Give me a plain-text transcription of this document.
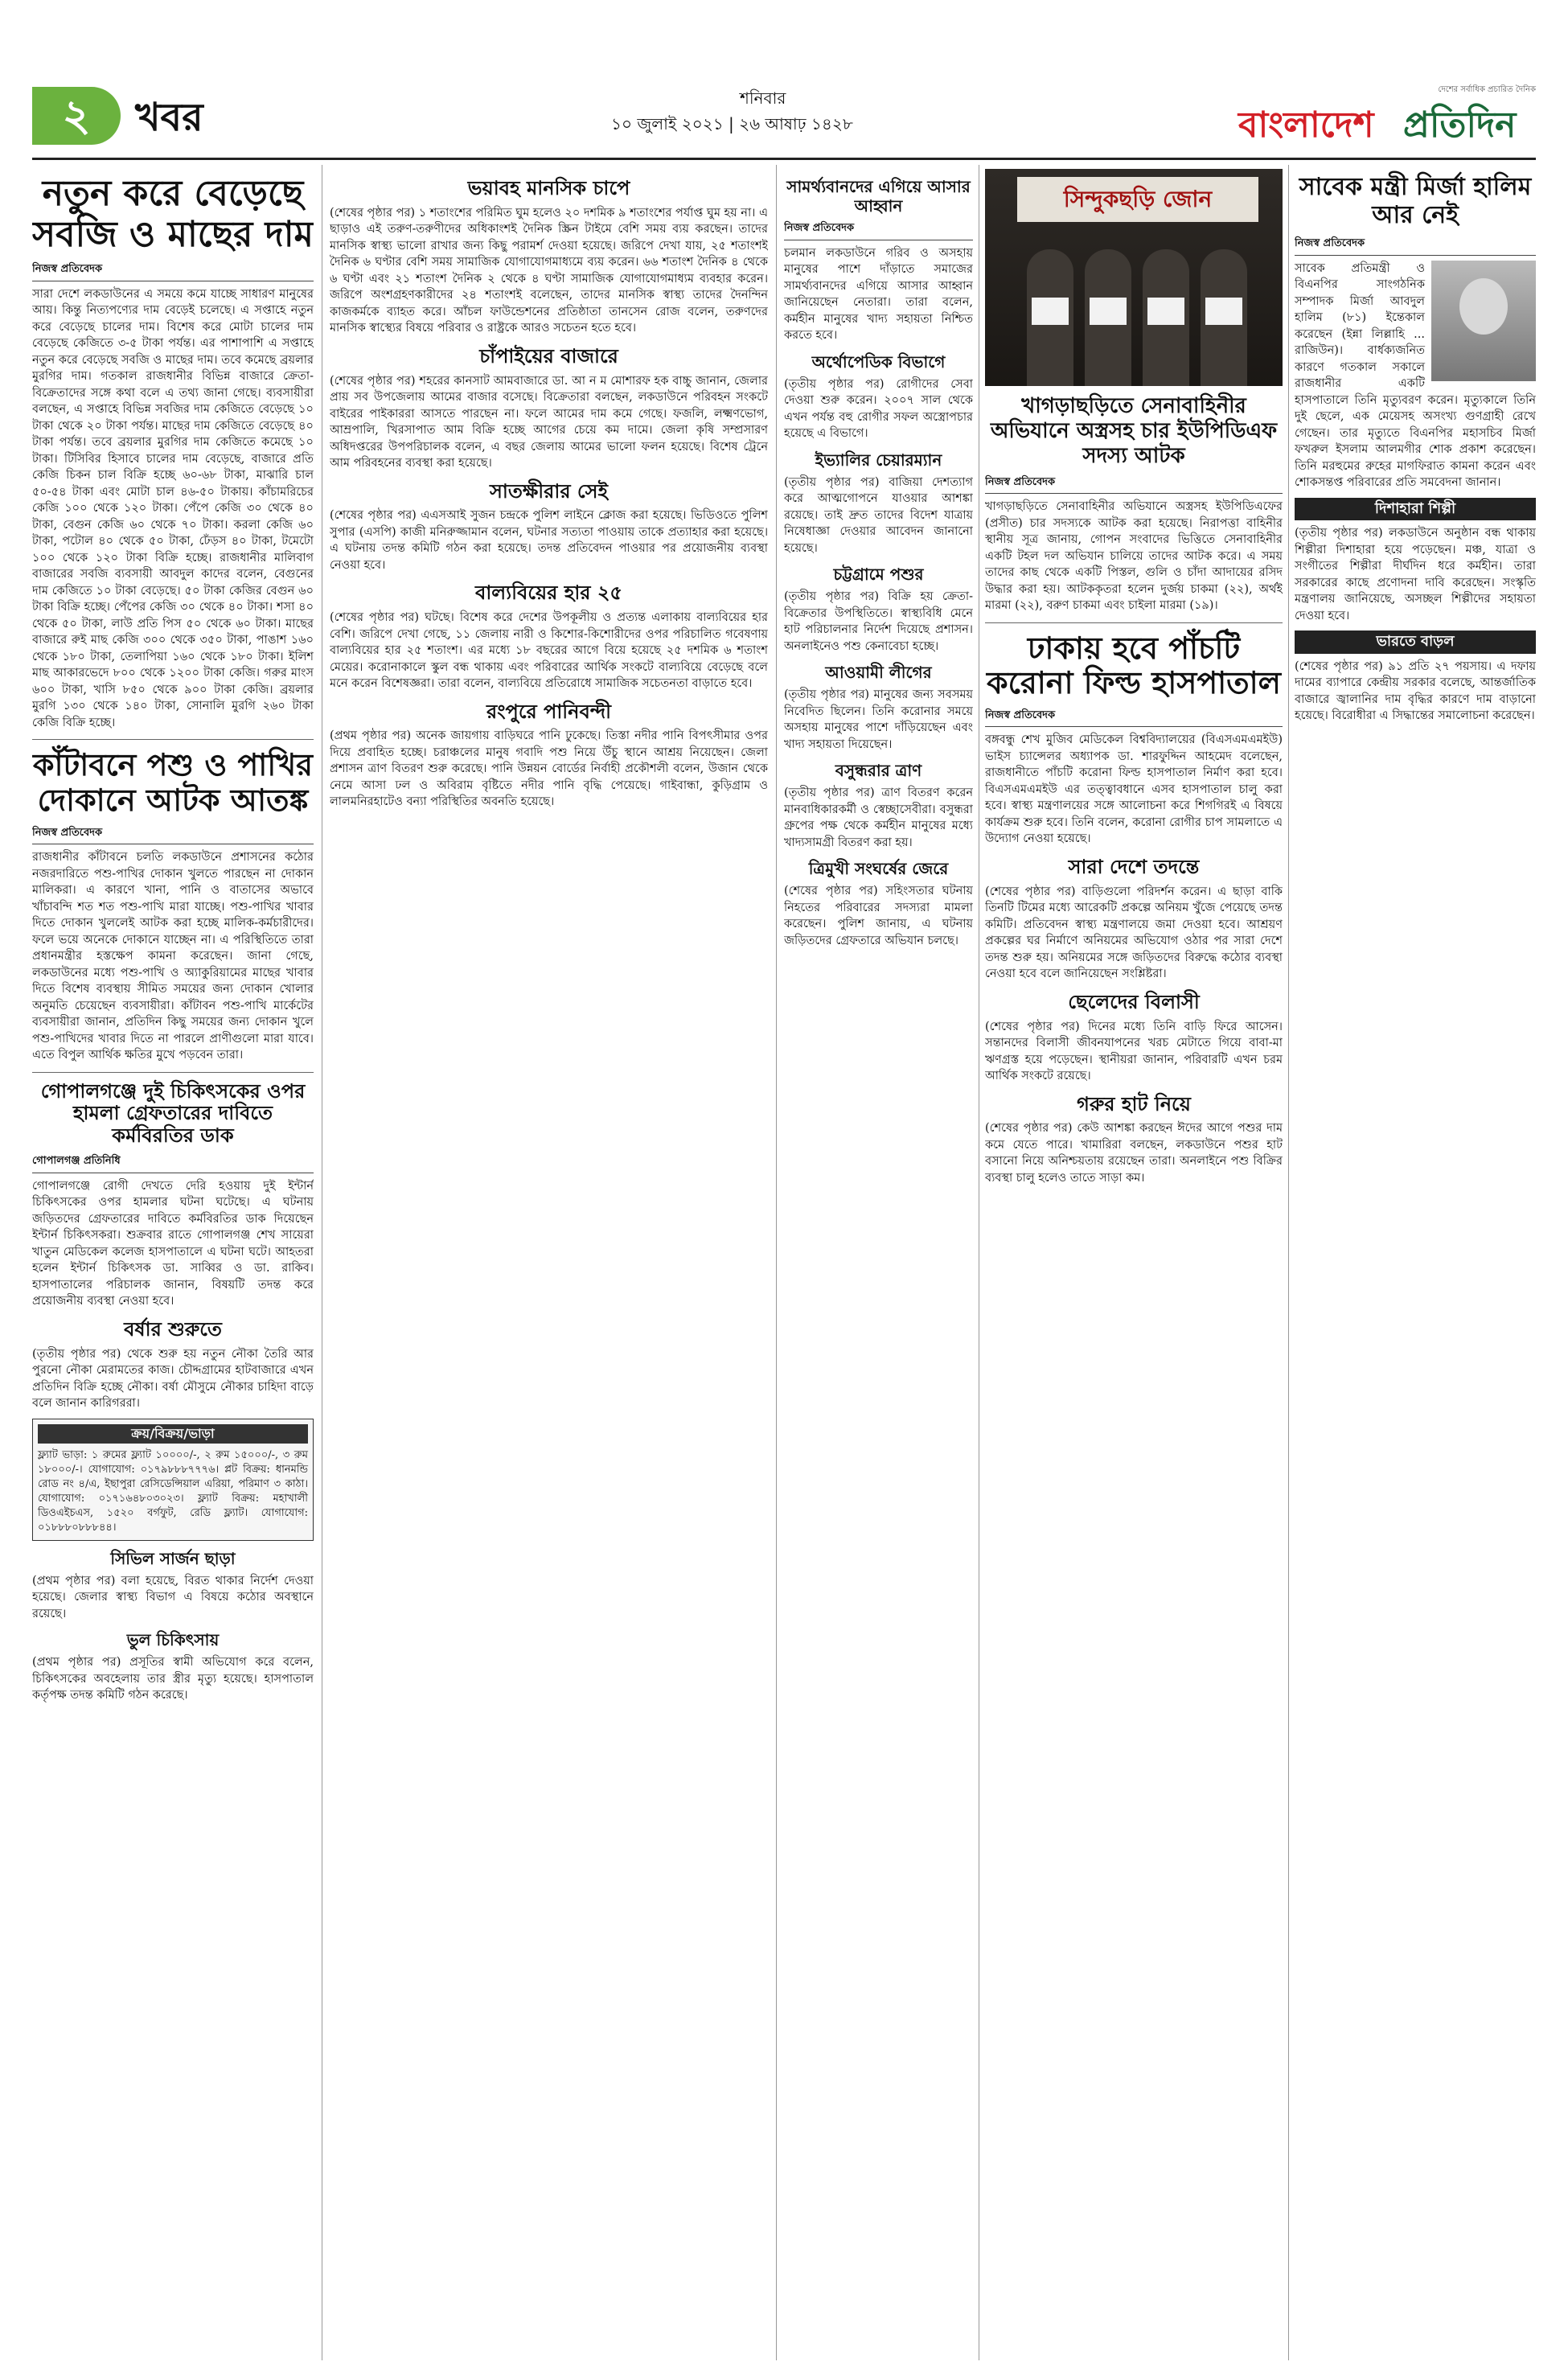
২	খবর	শনিবার
১০ জুলাই ২০২১ | ২৬ আষাঢ় ১৪২৮
দেশের সর্বাধিক প্রচারিত দৈনিক
বাংলাদেশ প্রতিদিন
নতুন করে বেড়েছে সবজি ও মাছের দাম
নিজস্ব প্রতিবেদক
সারা দেশে লকডাউনের এ সময়ে কমে যাচ্ছে সাধারণ মানুষের আয়। কিন্তু নিত্যপণ্যের দাম বেড়েই চলেছে। এ সপ্তাহে নতুন করে বেড়েছে চালের দাম। বিশেষ করে মোটা চালের দাম বেড়েছে কেজিতে ৩-৫ টাকা পর্যন্ত। এর পাশাপাশি এ সপ্তাহে নতুন করে বেড়েছে সবজি ও মাছের দাম। তবে কমেছে ব্রয়লার মুরগির দাম। গতকাল রাজধানীর বিভিন্ন বাজারে ক্রেতা-বিক্রেতাদের সঙ্গে কথা বলে এ তথ্য জানা গেছে। ব্যবসায়ীরা বলছেন, এ সপ্তাহে বিভিন্ন সবজির দাম কেজিতে বেড়েছে ১০ টাকা থেকে ২০ টাকা পর্যন্ত। মাছের দাম কেজিতে বেড়েছে ৪০ টাকা পর্যন্ত। তবে ব্রয়লার মুরগির দাম কেজিতে কমেছে ১০ টাকা। টিসিবির হিসাবে চালের দাম বেড়েছে, বাজারে প্রতি কেজি চিকন চাল বিক্রি হচ্ছে ৬০-৬৮ টাকা, মাঝারি চাল ৫০-৫৪ টাকা এবং মোটা চাল ৪৬-৫০ টাকায়। কাঁচামরিচের কেজি ১০০ থেকে ১২০ টাকা। পেঁপে কেজি ৩০ থেকে ৪০ টাকা, বেগুন কেজি ৬০ থেকে ৭০ টাকা। করলা কেজি ৬০ টাকা, পটোল ৪০ থেকে ৫০ টাকা, ঢেঁড়স ৪০ টাকা, টমেটো ১০০ থেকে ১২০ টাকা বিক্রি হচ্ছে। রাজধানীর মালিবাগ বাজারের সবজি ব্যবসায়ী আবদুল কাদের বলেন, বেগুনের দাম কেজিতে ১০ টাকা বেড়েছে। ৫০ টাকা কেজির বেগুন ৬০ টাকা বিক্রি হচ্ছে। পেঁপের কেজি ৩০ থেকে ৪০ টাকা। শসা ৪০ থেকে ৫০ টাকা, লাউ প্রতি পিস ৫০ থেকে ৬০ টাকা। মাছের বাজারে রুই মাছ কেজি ৩০০ থেকে ৩৫০ টাকা, পাঙাশ ১৬০ থেকে ১৮০ টাকা, তেলাপিয়া ১৬০ থেকে ১৮০ টাকা। ইলিশ মাছ আকারভেদে ৮০০ থেকে ১২০০ টাকা কেজি। গরুর মাংস ৬০০ টাকা, খাসি ৮৫০ থেকে ৯০০ টাকা কেজি। ব্রয়লার মুরগি ১৩০ থেকে ১৪০ টাকা, সোনালি মুরগি ২৬০ টাকা কেজি বিক্রি হচ্ছে।
কাঁটাবনে পশু ও পাখির দোকানে আটক আতঙ্ক
নিজস্ব প্রতিবেদক
রাজধানীর কাঁটাবনে চলতি লকডাউনে প্রশাসনের কঠোর নজরদারিতে পশু-পাখির দোকান খুলতে পারছেন না দোকান মালিকরা। এ কারণে খানা, পানি ও বাতাসের অভাবে খাঁচাবন্দি শত শত পশু-পাখি মারা যাচ্ছে। পশু-পাখির খাবার দিতে দোকান খুললেই আটক করা হচ্ছে মালিক-কর্মচারীদের। ফলে ভয়ে অনেকে দোকানে যাচ্ছেন না। এ পরিস্থিতিতে তারা প্রধানমন্ত্রীর হস্তক্ষেপ কামনা করেছেন। জানা গেছে, লকডাউনের মধ্যে পশু-পাখি ও অ্যাকুরিয়ামের মাছের খাবার দিতে বিশেষ ব্যবস্থায় সীমিত সময়ের জন্য দোকান খোলার অনুমতি চেয়েছেন ব্যবসায়ীরা। কাঁটাবন পশু-পাখি মার্কেটের ব্যবসায়ীরা জানান, প্রতিদিন কিছু সময়ের জন্য দোকান খুলে পশু-পাখিদের খাবার দিতে না পারলে প্রাণীগুলো মারা যাবে। এতে বিপুল আর্থিক ক্ষতির মুখে পড়বেন তারা।
গোপালগঞ্জে দুই চিকিৎসকের ওপর হামলা গ্রেফতারের দাবিতে কর্মবিরতির ডাক
গোপালগঞ্জ প্রতিনিধি
গোপালগঞ্জে রোগী দেখতে দেরি হওয়ায় দুই ইন্টার্ন চিকিৎসকের ওপর হামলার ঘটনা ঘটেছে। এ ঘটনায় জড়িতদের গ্রেফতারের দাবিতে কর্মবিরতির ডাক দিয়েছেন ইন্টার্ন চিকিৎসকরা। শুক্রবার রাতে গোপালগঞ্জ শেখ সায়েরা খাতুন মেডিকেল কলেজ হাসপাতালে এ ঘটনা ঘটে। আহতরা হলেন ইন্টার্ন চিকিৎসক ডা. সাব্বির ও ডা. রাকিব। হাসপাতালের পরিচালক জানান, বিষয়টি তদন্ত করে প্রয়োজনীয় ব্যবস্থা নেওয়া হবে।
বর্ষার শুরুতে
(তৃতীয় পৃষ্ঠার পর) থেকে শুরু হয় নতুন নৌকা তৈরি আর পুরনো নৌকা মেরামতের কাজ। চৌদ্দগ্রামের হাটবাজারে এখন প্রতিদিন বিক্রি হচ্ছে নৌকা। বর্ষা মৌসুমে নৌকার চাহিদা বাড়ে বলে জানান কারিগররা।
ক্রয়/বিক্রয়/ভাড়া
ফ্ল্যাট ভাড়া: ১ রুমের ফ্ল্যাট ১০০০০/-, ২ রুম ১৫০০০/-, ৩ রুম ১৮০০০/-। যোগাযোগ: ০১৭৯৮৮৮৭৭৭৬। প্লট বিক্রয়: ধানমন্ডি রোড নং ৪/এ, ইছাপুরা রেসিডেন্সিয়াল এরিয়া, পরিমাণ ৩ কাঠা। যোগাযোগ: ০১৭১৬৪৮০৩০২৩। ফ্ল্যাট বিক্রয়: মহাখালী ডিওএইচএস, ১৫২০ বর্গফুট, রেডি ফ্ল্যাট। যোগাযোগ: ০১৮৮৮০৮৮৮৪৪।
সিভিল সার্জন ছাড়া
(প্রথম পৃষ্ঠার পর) বলা হয়েছে, বিরত থাকার নির্দেশ দেওয়া হয়েছে। জেলার স্বাস্থ্য বিভাগ এ বিষয়ে কঠোর অবস্থানে রয়েছে।
ভুল চিকিৎসায়
(প্রথম পৃষ্ঠার পর) প্রসূতির স্বামী অভিযোগ করে বলেন, চিকিৎসকের অবহেলায় তার স্ত্রীর মৃত্যু হয়েছে। হাসপাতাল কর্তৃপক্ষ তদন্ত কমিটি গঠন করেছে।
ভয়াবহ মানসিক চাপে
(শেষের পৃষ্ঠার পর) ১ শতাংশের পরিমিত ঘুম হলেও ২০ দশমিক ৯ শতাংশের পর্যাপ্ত ঘুম হয় না। এ ছাড়াও এই তরুণ-তরুণীদের অধিকাংশই দৈনিক স্ক্রিন টাইমে বেশি সময় ব্যয় করছেন। তাদের মানসিক স্বাস্থ্য ভালো রাখার জন্য কিছু পরামর্শ দেওয়া হয়েছে। জরিপে দেখা যায়, ২৫ শতাংশই দৈনিক ৬ ঘণ্টার বেশি সময় সামাজিক যোগাযোগমাধ্যমে ব্যয় করেন। ৬৬ শতাংশ দৈনিক ৪ থেকে ৬ ঘণ্টা এবং ২১ শতাংশ দৈনিক ২ থেকে ৪ ঘণ্টা সামাজিক যোগাযোগমাধ্যম ব্যবহার করেন। জরিপে অংশগ্রহণকারীদের ২৪ শতাংশই বলেছেন, তাদের মানসিক স্বাস্থ্য তাদের দৈনন্দিন কাজকর্মকে ব্যাহত করে। আঁচল ফাউন্ডেশনের প্রতিষ্ঠাতা তানসেন রোজ বলেন, তরুণদের মানসিক স্বাস্থ্যের বিষয়ে পরিবার ও রাষ্ট্রকে আরও সচেতন হতে হবে।
চাঁপাইয়ের বাজারে
(শেষের পৃষ্ঠার পর) শহরের কানসাট আমবাজারে ডা. আ ন ম মোশারফ হক বাচ্চু জানান, জেলার প্রায় সব উপজেলায় আমের বাজার বসেছে। বিক্রেতারা বলছেন, লকডাউনে পরিবহন সংকটে বাইরের পাইকাররা আসতে পারছেন না। ফলে আমের দাম কমে গেছে। ফজলি, লক্ষ্মণভোগ, আম্রপালি, খিরসাপাত আম বিক্রি হচ্ছে আগের চেয়ে কম দামে। জেলা কৃষি সম্প্রসারণ অধিদপ্তরের উপপরিচালক বলেন, এ বছর জেলায় আমের ভালো ফলন হয়েছে। বিশেষ ট্রেনে আম পরিবহনের ব্যবস্থা করা হয়েছে।
সাতক্ষীরার সেই
(শেষের পৃষ্ঠার পর) এএসআই সুজন চন্দ্রকে পুলিশ লাইনে ক্লোজ করা হয়েছে। ভিডিওতে পুলিশ সুপার (এসপি) কাজী মনিরুজ্জামান বলেন, ঘটনার সত্যতা পাওয়ায় তাকে প্রত্যাহার করা হয়েছে। এ ঘটনায় তদন্ত কমিটি গঠন করা হয়েছে। তদন্ত প্রতিবেদন পাওয়ার পর প্রয়োজনীয় ব্যবস্থা নেওয়া হবে।
বাল্যবিয়ের হার ২৫
(শেষের পৃষ্ঠার পর) ঘটছে। বিশেষ করে দেশের উপকূলীয় ও প্রত্যন্ত এলাকায় বাল্যবিয়ের হার বেশি। জরিপে দেখা গেছে, ১১ জেলায় নারী ও কিশোর-কিশোরীদের ওপর পরিচালিত গবেষণায় বাল্যবিয়ের হার ২৫ শতাংশ। এর মধ্যে ১৮ বছরের আগে বিয়ে হয়েছে ২৫ দশমিক ৬ শতাংশ মেয়ের। করোনাকালে স্কুল বন্ধ থাকায় এবং পরিবারের আর্থিক সংকটে বাল্যবিয়ে বেড়েছে বলে মনে করেন বিশেষজ্ঞরা। তারা বলেন, বাল্যবিয়ে প্রতিরোধে সামাজিক সচেতনতা বাড়াতে হবে।
রংপুরে পানিবন্দী
(প্রথম পৃষ্ঠার পর) অনেক জায়গায় বাড়িঘরে পানি ঢুকেছে। তিস্তা নদীর পানি বিপৎসীমার ওপর দিয়ে প্রবাহিত হচ্ছে। চরাঞ্চলের মানুষ গবাদি পশু নিয়ে উঁচু স্থানে আশ্রয় নিয়েছেন। জেলা প্রশাসন ত্রাণ বিতরণ শুরু করেছে। পানি উন্নয়ন বোর্ডের নির্বাহী প্রকৌশলী বলেন, উজান থেকে নেমে আসা ঢল ও অবিরাম বৃষ্টিতে নদীর পানি বৃদ্ধি পেয়েছে। গাইবান্ধা, কুড়িগ্রাম ও লালমনিরহাটেও বন্যা পরিস্থিতির অবনতি হয়েছে।
সামর্থ্যবানদের এগিয়ে আসার আহ্বান
নিজস্ব প্রতিবেদক
চলমান লকডাউনে গরিব ও অসহায় মানুষের পাশে দাঁড়াতে সমাজের সামর্থ্যবানদের এগিয়ে আসার আহ্বান জানিয়েছেন নেতারা। তারা বলেন, কর্মহীন মানুষের খাদ্য সহায়তা নিশ্চিত করতে হবে।
অর্থোপেডিক বিভাগে
(তৃতীয় পৃষ্ঠার পর) রোগীদের সেবা দেওয়া শুরু করেন। ২০০৭ সাল থেকে এখন পর্যন্ত বহু রোগীর সফল অস্ত্রোপচার হয়েছে এ বিভাগে।
ইভ্যালির চেয়ারম্যান
(তৃতীয় পৃষ্ঠার পর) বাজিয়া দেশত্যাগ করে আত্মগোপনে যাওয়ার আশঙ্কা রয়েছে। তাই দ্রুত তাদের বিদেশ যাত্রায় নিষেধাজ্ঞা দেওয়ার আবেদন জানানো হয়েছে।
চট্টগ্রামে পশুর
(তৃতীয় পৃষ্ঠার পর) বিক্রি হয় ক্রেতা-বিক্রেতার উপস্থিতিতে। স্বাস্থ্যবিধি মেনে হাট পরিচালনার নির্দেশ দিয়েছে প্রশাসন। অনলাইনেও পশু কেনাবেচা হচ্ছে।
আওয়ামী লীগের
(তৃতীয় পৃষ্ঠার পর) মানুষের জন্য সবসময় নিবেদিত ছিলেন। তিনি করোনার সময়ে অসহায় মানুষের পাশে দাঁড়িয়েছেন এবং খাদ্য সহায়তা দিয়েছেন।
বসুন্ধরার ত্রাণ
(তৃতীয় পৃষ্ঠার পর) ত্রাণ বিতরণ করেন মানবাধিকারকর্মী ও স্বেচ্ছাসেবীরা। বসুন্ধরা গ্রুপের পক্ষ থেকে কর্মহীন মানুষের মধ্যে খাদ্যসামগ্রী বিতরণ করা হয়।
ত্রিমুখী সংঘর্ষের জেরে
(শেষের পৃষ্ঠার পর) সহিংসতার ঘটনায় নিহতের পরিবারের সদস্যরা মামলা করেছেন। পুলিশ জানায়, এ ঘটনায় জড়িতদের গ্রেফতারে অভিযান চলছে।
সিন্দুকছড়ি জোন
খাগড়াছড়িতে সেনাবাহিনীর অভিযানে অস্ত্রসহ চার ইউপিডিএফ সদস্য আটক
নিজস্ব প্রতিবেদক
খাগড়াছড়িতে সেনাবাহিনীর অভিযানে অস্ত্রসহ ইউপিডিএফের (প্রসীত) চার সদস্যকে আটক করা হয়েছে। নিরাপত্তা বাহিনীর স্থানীয় সূত্র জানায়, গোপন সংবাদের ভিত্তিতে সেনাবাহিনীর একটি টহল দল অভিযান চালিয়ে তাদের আটক করে। এ সময় তাদের কাছ থেকে একটি পিস্তল, গুলি ও চাঁদা আদায়ের রসিদ উদ্ধার করা হয়। আটককৃতরা হলেন দুর্জয় চাকমা (২২), অর্থই মারমা (২২), বরুণ চাকমা এবং চাইলা মারমা (১৯)।
ঢাকায় হবে পাঁচটি করোনা ফিল্ড হাসপাতাল
নিজস্ব প্রতিবেদক
বঙ্গবন্ধু শেখ মুজিব মেডিকেল বিশ্ববিদ্যালয়ের (বিএসএমএমইউ) ভাইস চ্যান্সেলর অধ্যাপক ডা. শারফুদ্দিন আহমেদ বলেছেন, রাজধানীতে পাঁচটি করোনা ফিল্ড হাসপাতাল নির্মাণ করা হবে। বিএসএমএমইউ এর তত্ত্বাবধানে এসব হাসপাতাল চালু করা হবে। স্বাস্থ্য মন্ত্রণালয়ের সঙ্গে আলোচনা করে শিগগিরই এ বিষয়ে কার্যক্রম শুরু হবে। তিনি বলেন, করোনা রোগীর চাপ সামলাতে এ উদ্যোগ নেওয়া হয়েছে।
সারা দেশে তদন্তে
(শেষের পৃষ্ঠার পর) বাড়িগুলো পরিদর্শন করেন। এ ছাড়া বাকি তিনটি টিমের মধ্যে আরেকটি প্রকল্পে অনিয়ম খুঁজে পেয়েছে তদন্ত কমিটি। প্রতিবেদন স্বাস্থ্য মন্ত্রণালয়ে জমা দেওয়া হবে। আশ্রয়ণ প্রকল্পের ঘর নির্মাণে অনিয়মের অভিযোগ ওঠার পর সারা দেশে তদন্ত শুরু হয়। অনিয়মের সঙ্গে জড়িতদের বিরুদ্ধে কঠোর ব্যবস্থা নেওয়া হবে বলে জানিয়েছেন সংশ্লিষ্টরা।
ছেলেদের বিলাসী
(শেষের পৃষ্ঠার পর) দিনের মধ্যে তিনি বাড়ি ফিরে আসেন। সন্তানদের বিলাসী জীবনযাপনের খরচ মেটাতে গিয়ে বাবা-মা ঋণগ্রস্ত হয়ে পড়েছেন। স্থানীয়রা জানান, পরিবারটি এখন চরম আর্থিক সংকটে রয়েছে।
গরুর হাট নিয়ে
(শেষের পৃষ্ঠার পর) কেউ আশঙ্কা করছেন ঈদের আগে পশুর দাম কমে যেতে পারে। খামারিরা বলছেন, লকডাউনে পশুর হাট বসানো নিয়ে অনিশ্চয়তায় রয়েছেন তারা। অনলাইনে পশু বিক্রির ব্যবস্থা চালু হলেও তাতে সাড়া কম।
সাবেক মন্ত্রী মির্জা হালিম আর নেই
নিজস্ব প্রতিবেদক
সাবেক প্রতিমন্ত্রী ও বিএনপির সাংগঠনিক সম্পাদক মির্জা আবদুল হালিম (৮১) ইন্তেকাল করেছেন (ইন্না লিল্লাহি ... রাজিউন)। বার্ধক্যজনিত কারণে গতকাল সকালে রাজধানীর একটি হাসপাতালে তিনি মৃত্যুবরণ করেন। মৃত্যুকালে তিনি দুই ছেলে, এক মেয়েসহ অসংখ্য গুণগ্রাহী রেখে গেছেন। তার মৃত্যুতে বিএনপির মহাসচিব মির্জা ফখরুল ইসলাম আলমগীর শোক প্রকাশ করেছেন। তিনি মরহুমের রুহের মাগফিরাত কামনা করেন এবং শোকসন্তপ্ত পরিবারের প্রতি সমবেদনা জানান।
দিশাহারা শিল্পী
(তৃতীয় পৃষ্ঠার পর) লকডাউনে অনুষ্ঠান বন্ধ থাকায় শিল্পীরা দিশাহারা হয়ে পড়েছেন। মঞ্চ, যাত্রা ও সংগীতের শিল্পীরা দীর্ঘদিন ধরে কর্মহীন। তারা সরকারের কাছে প্রণোদনা দাবি করেছেন। সংস্কৃতি মন্ত্রণালয় জানিয়েছে, অসচ্ছল শিল্পীদের সহায়তা দেওয়া হবে।
ভারতে বাড়ল
(শেষের পৃষ্ঠার পর) ৯১ প্রতি ২৭ পয়সায়। এ দফায় দামের ব্যাপারে কেন্দ্রীয় সরকার বলেছে, আন্তর্জাতিক বাজারে জ্বালানির দাম বৃদ্ধির কারণে দাম বাড়ানো হয়েছে। বিরোধীরা এ সিদ্ধান্তের সমালোচনা করেছেন।
